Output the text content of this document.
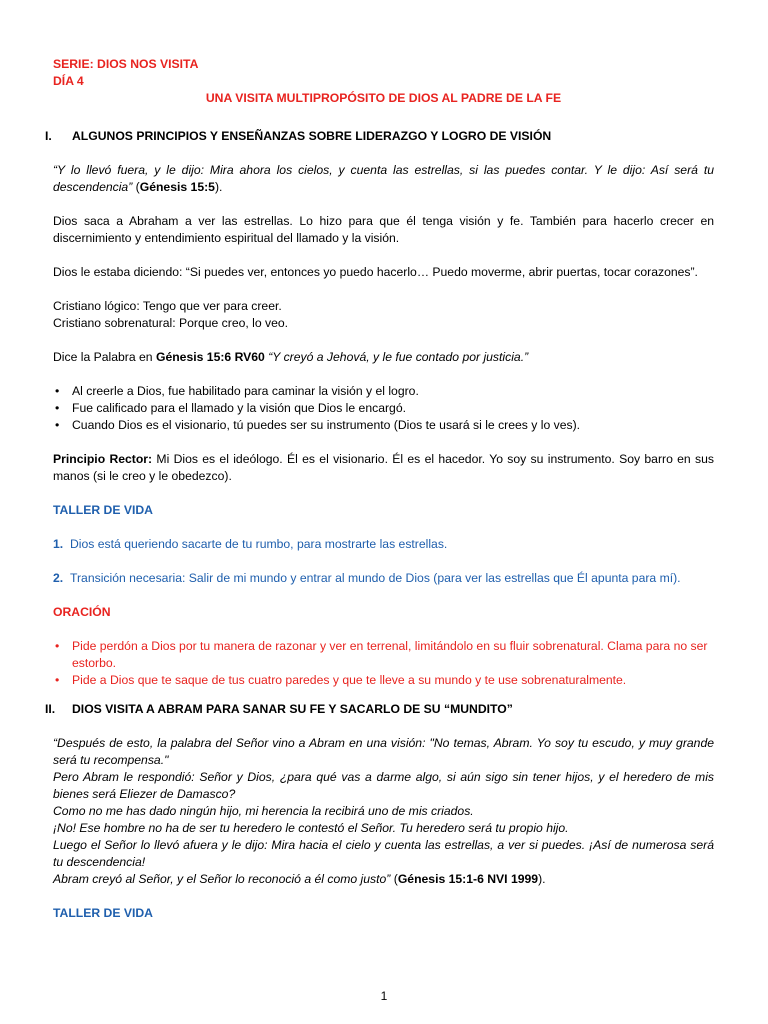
SERIE: DIOS NOS VISITA
DÍA 4
UNA VISITA MULTIPROPÓSITO DE DIOS AL PADRE DE LA FE
I. ALGUNOS PRINCIPIOS Y ENSEÑANZAS SOBRE LIDERAZGO Y LOGRO DE VISIÓN

“Y lo llevó fuera, y le dijo: Mira ahora los cielos, y cuenta las estrellas, si las puedes contar. Y le dijo: Así será tu descendencia” (Génesis 15:5).

Dios saca a Abraham a ver las estrellas. Lo hizo para que él tenga visión y fe. También para hacerlo crecer en discernimiento y entendimiento espiritual del llamado y la visión.

Dios le estaba diciendo: “Si puedes ver, entonces yo puedo hacerlo… Puedo moverme, abrir puertas, tocar corazones”.

Cristiano lógico: Tengo que ver para creer.

Cristiano sobrenatural: Porque creo, lo veo.

Dice la Palabra en Génesis 15:6 RV60 “Y creyó a Jehová, y le fue contado por justicia.”

• Al creerle a Dios, fue habilitado para caminar la visión y el logro.
• Fue calificado para el llamado y la visión que Dios le encargó.
• Cuando Dios es el visionario, tú puedes ser su instrumento (Dios te usará si le crees y lo ves).

Principio Rector: Mi Dios es el ideólogo. Él es el visionario. Él es el hacedor. Yo soy su instrumento. Soy barro en sus manos (si le creo y le obedezco).

TALLER DE VIDA
1. Dios está queriendo sacarte de tu rumbo, para mostrarte las estrellas.
2. Transición necesaria: Salir de mi mundo y entrar al mundo de Dios (para ver las estrellas que Él apunta para mí).
ORACIÓN
• Pide perdón a Dios por tu manera de razonar y ver en terrenal, limitándolo en su fluir sobrenatural. Clama para no ser estorbo.
• Pide a Dios que te saque de tus cuatro paredes y que te lleve a su mundo y te use sobrenaturalmente.
II. DIOS VISITA A ABRAM PARA SANAR SU FE Y SACARLO DE SU “MUNDITO”

“Después de esto, la palabra del Señor vino a Abram en una visión: "No temas, Abram. Yo soy tu escudo, y muy grande será tu recompensa."

Pero Abram le respondió: Señor y Dios, ¿para qué vas a darme algo, si aún sigo sin tener hijos, y el heredero de mis bienes será Eliezer de Damasco?

Como no me has dado ningún hijo, mi herencia la recibirá uno de mis criados.

¡No! Ese hombre no ha de ser tu heredero le contestó el Señor. Tu heredero será tu propio hijo.

Luego el Señor lo llevó afuera y le dijo: Mira hacia el cielo y cuenta las estrellas, a ver si puedes. ¡Así de numerosa será tu descendencia!

Abram creyó al Señor, y el Señor lo reconoció a él como justo” (Génesis 15:1-6 NVI 1999).

TALLER DE VIDA
1
